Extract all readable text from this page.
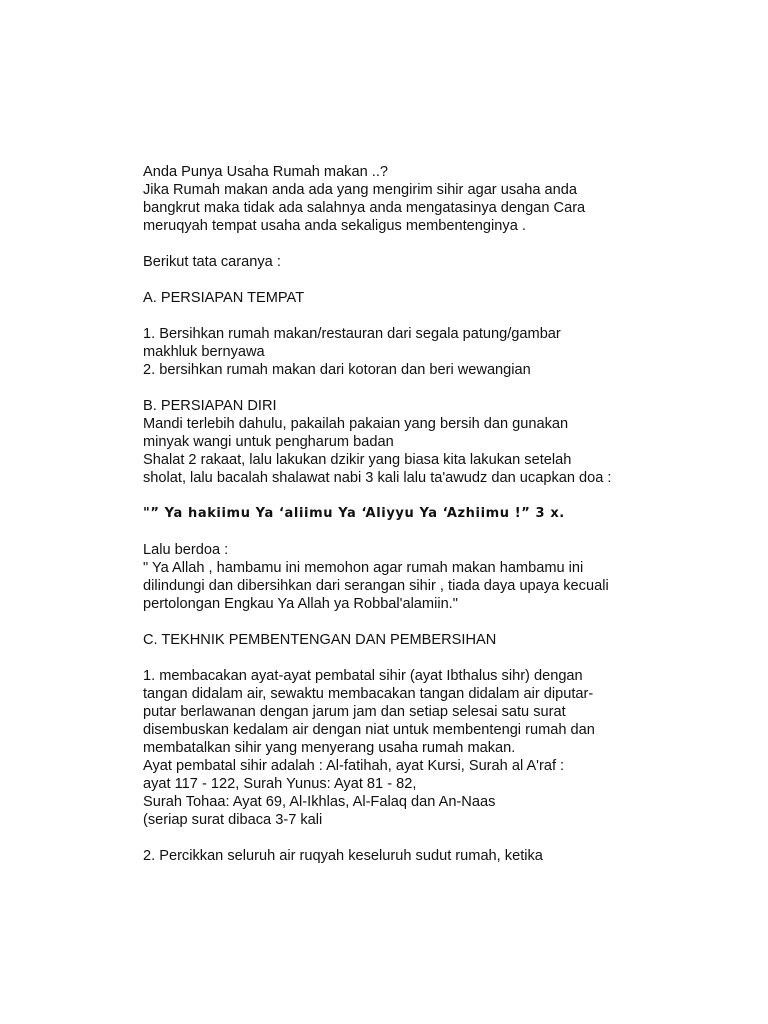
Anda Punya Usaha Rumah makan ..?

Jika Rumah makan anda ada yang mengirim sihir agar usaha anda

bangkrut maka tidak ada salahnya anda mengatasinya dengan Cara

meruqyah tempat usaha anda sekaligus membentenginya .

Berikut tata caranya :

A. PERSIAPAN TEMPAT

1. Bersihkan rumah makan/restauran dari segala patung/gambar

makhluk bernyawa

2. bersihkan rumah makan dari kotoran dan beri wewangian

B. PERSIAPAN DIRI

Mandi terlebih dahulu, pakailah pakaian yang bersih dan gunakan

minyak wangi untuk pengharum badan

Shalat 2 rakaat, lalu lakukan dzikir yang biasa kita lakukan setelah

sholat, lalu bacalah shalawat nabi 3 kali lalu ta'awudz dan ucapkan doa :

"” Ya hakiimu Ya ‘aliimu Ya ‘Aliyyu Ya ‘Azhiimu !” 3 x.

Lalu berdoa :

" Ya Allah , hambamu ini memohon agar rumah makan hambamu ini

dilindungi dan dibersihkan dari serangan sihir , tiada daya upaya kecuali

pertolongan Engkau Ya Allah ya Robbal'alamiin."

C. TEKHNIK PEMBENTENGAN DAN PEMBERSIHAN

1. membacakan ayat-ayat pembatal sihir (ayat Ibthalus sihr) dengan

tangan didalam air, sewaktu membacakan tangan didalam air diputar-

putar berlawanan dengan jarum jam dan setiap selesai satu surat

disembuskan kedalam air dengan niat untuk membentengi rumah dan

membatalkan sihir yang menyerang usaha rumah makan.

Ayat pembatal sihir adalah : Al-fatihah, ayat Kursi, Surah al A'raf :

ayat 117 - 122, Surah Yunus: Ayat 81 - 82,

Surah Tohaa: Ayat 69, Al-Ikhlas, Al-Falaq dan An-Naas

(seriap surat dibaca 3-7 kali

2. Percikkan seluruh air ruqyah keseluruh sudut rumah, ketika
